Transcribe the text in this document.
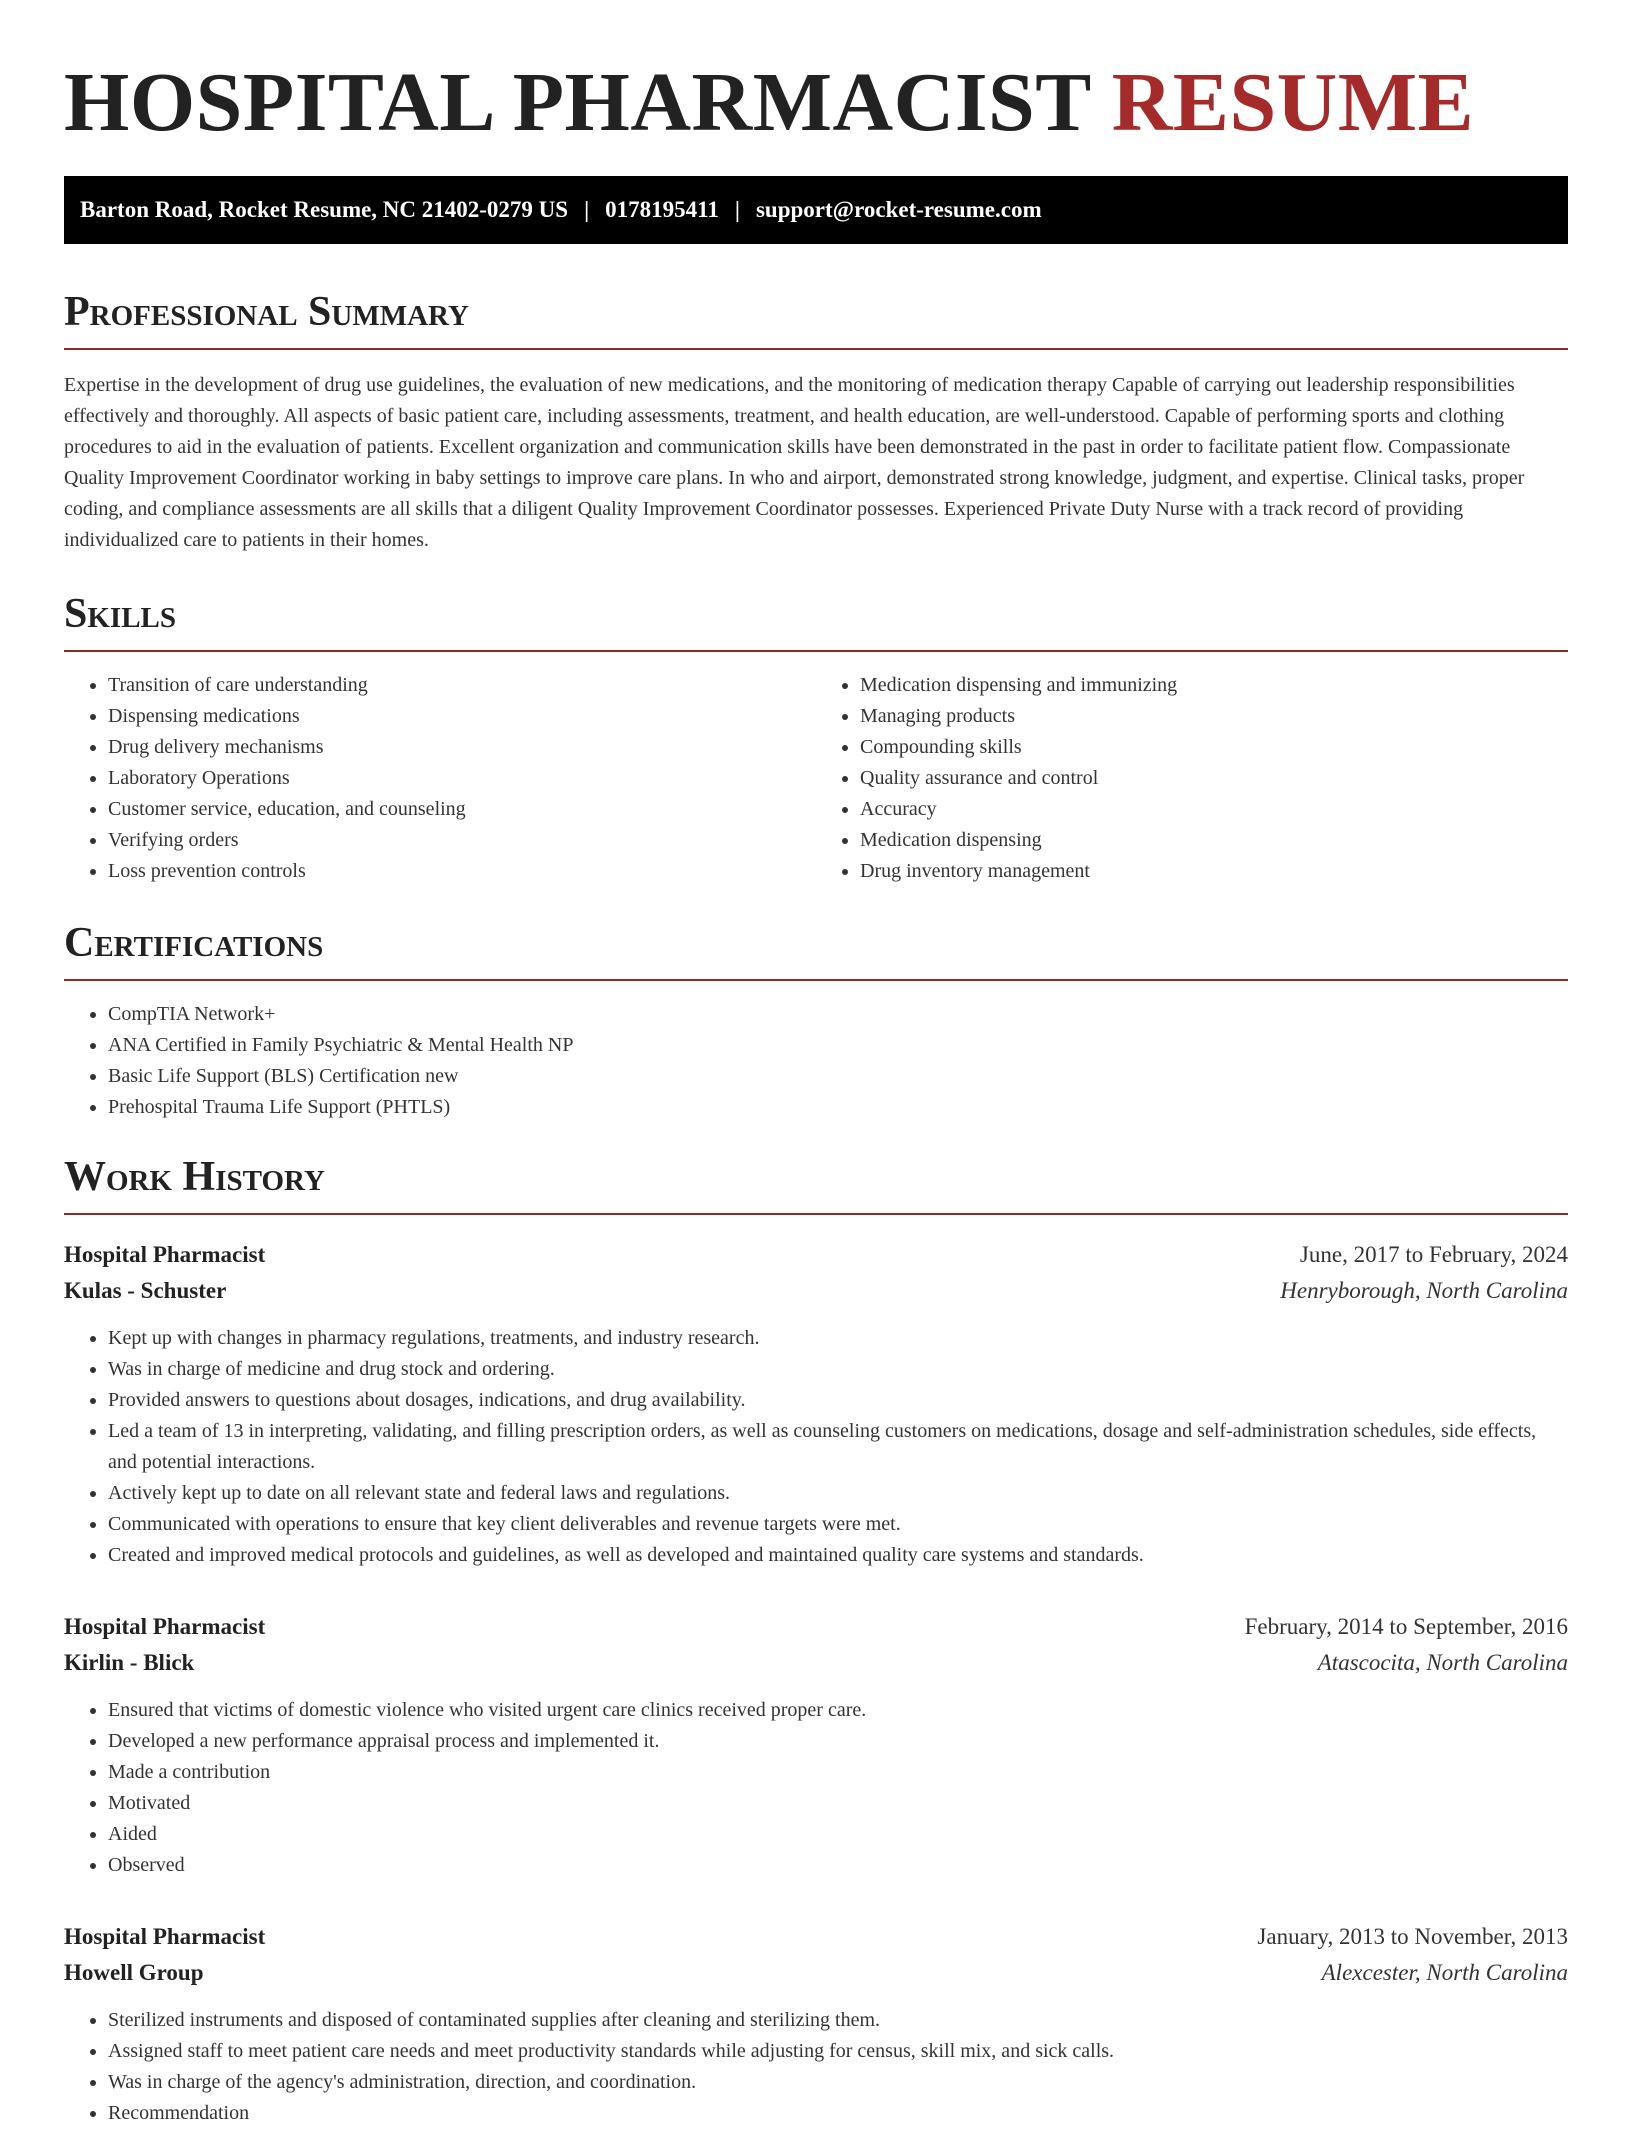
HOSPITAL PHARMACIST RESUME
Barton Road, Rocket Resume, NC 21402-0279 US | 0178195411 | support@rocket-resume.com
Professional Summary

Expertise in the development of drug use guidelines, the evaluation of new medications, and the monitoring of medication therapy Capable of carrying out leadership responsibilities effectively and thoroughly. All aspects of basic patient care, including assessments, treatment, and health education, are well-understood. Capable of performing sports and clothing procedures to aid in the evaluation of patients. Excellent organization and communication skills have been demonstrated in the past in order to facilitate patient flow. Compassionate Quality Improvement Coordinator working in baby settings to improve care plans. In who and airport, demonstrated strong knowledge, judgment, and expertise. Clinical tasks, proper coding, and compliance assessments are all skills that a diligent Quality Improvement Coordinator possesses. Experienced Private Duty Nurse with a track record of providing individualized care to patients in their homes.

Skills
• Transition of care understanding
• Dispensing medications
• Drug delivery mechanisms
• Laboratory Operations
• Customer service, education, and counseling
• Verifying orders
• Loss prevention controls
• Medication dispensing and immunizing
• Managing products
• Compounding skills
• Quality assurance and control
• Accuracy
• Medication dispensing
• Drug inventory management
Certifications
• CompTIA Network+
• ANA Certified in Family Psychiatric & Mental Health NP
• Basic Life Support (BLS) Certification new
• Prehospital Trauma Life Support (PHTLS)
Work History
Hospital Pharmacist	June, 2017 to February, 2024
Kulas - Schuster	Henryborough, North Carolina
• Kept up with changes in pharmacy regulations, treatments, and industry research.
• Was in charge of medicine and drug stock and ordering.
• Provided answers to questions about dosages, indications, and drug availability.
• Led a team of 13 in interpreting, validating, and filling prescription orders, as well as counseling customers on medications, dosage and self-administration schedules, side effects, and potential interactions.
• Actively kept up to date on all relevant state and federal laws and regulations.
• Communicated with operations to ensure that key client deliverables and revenue targets were met.
• Created and improved medical protocols and guidelines, as well as developed and maintained quality care systems and standards.
Hospital Pharmacist	February, 2014 to September, 2016
Kirlin - Blick	Atascocita, North Carolina
• Ensured that victims of domestic violence who visited urgent care clinics received proper care.
• Developed a new performance appraisal process and implemented it.
• Made a contribution
• Motivated
• Aided
• Observed
Hospital Pharmacist	January, 2013 to November, 2013
Howell Group	Alexcester, North Carolina
• Sterilized instruments and disposed of contaminated supplies after cleaning and sterilizing them.
• Assigned staff to meet patient care needs and meet productivity standards while adjusting for census, skill mix, and sick calls.
• Was in charge of the agency's administration, direction, and coordination.
• Recommendation
